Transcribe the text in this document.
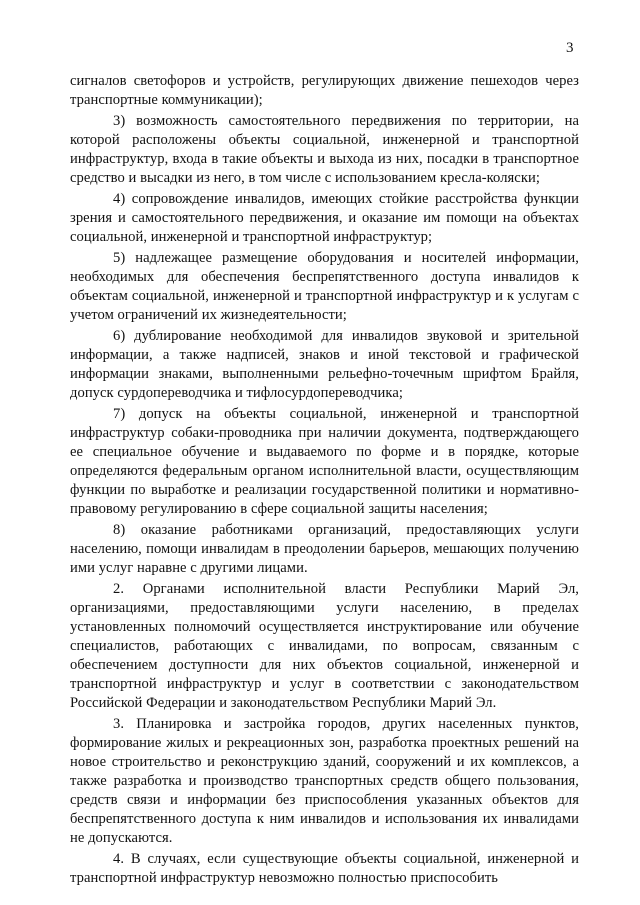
3

сигналов светофоров и устройств, регулирующих движение пешеходов через транспортные коммуникации);

3) возможность самостоятельного передвижения по территории, на которой расположены объекты социальной, инженерной и транспортной инфраструктур, входа в такие объекты и выхода из них, посадки в транспортное средство и высадки из него, в том числе с использованием кресла-коляски;

4) сопровождение инвалидов, имеющих стойкие расстройства функции зрения и самостоятельного передвижения, и оказание им помощи на объектах социальной, инженерной и транспортной инфраструктур;

5) надлежащее размещение оборудования и носителей информации, необходимых для обеспечения беспрепятственного доступа инвалидов к объектам социальной, инженерной и транспортной инфраструктур и к услугам с учетом ограничений их жизнедеятельности;

6) дублирование необходимой для инвалидов звуковой и зрительной информации, а также надписей, знаков и иной текстовой и графической информации знаками, выполненными рельефно-точечным шрифтом Брайля, допуск сурдопереводчика и тифлосурдопереводчика;

7) допуск на объекты социальной, инженерной и транспортной инфраструктур собаки-проводника при наличии документа, подтверждающего ее специальное обучение и выдаваемого по форме и в порядке, которые определяются федеральным органом исполнительной власти, осуществляющим функции по выработке и реализации государственной политики и нормативно-правовому регулированию в сфере социальной защиты населения;

8) оказание работниками организаций, предоставляющих услуги населению, помощи инвалидам в преодолении барьеров, мешающих получению ими услуг наравне с другими лицами.

2. Органами исполнительной власти Республики Марий Эл, организациями, предоставляющими услуги населению, в пределах установленных полномочий осуществляется инструктирование или обучение специалистов, работающих с инвалидами, по вопросам, связанным с обеспечением доступности для них объектов социальной, инженерной и транспортной инфраструктур и услуг в соответствии с законодательством Российской Федерации и законодательством Республики Марий Эл.

3. Планировка и застройка городов, других населенных пунктов, формирование жилых и рекреационных зон, разработка проектных решений на новое строительство и реконструкцию зданий, сооружений и их комплексов, а также разработка и производство транспортных средств общего пользования, средств связи и информации без приспособления указанных объектов для беспрепятственного доступа к ним инвалидов и использования их инвалидами не допускаются.

4. В случаях, если существующие объекты социальной, инженерной и транспортной инфраструктур невозможно полностью приспособить
